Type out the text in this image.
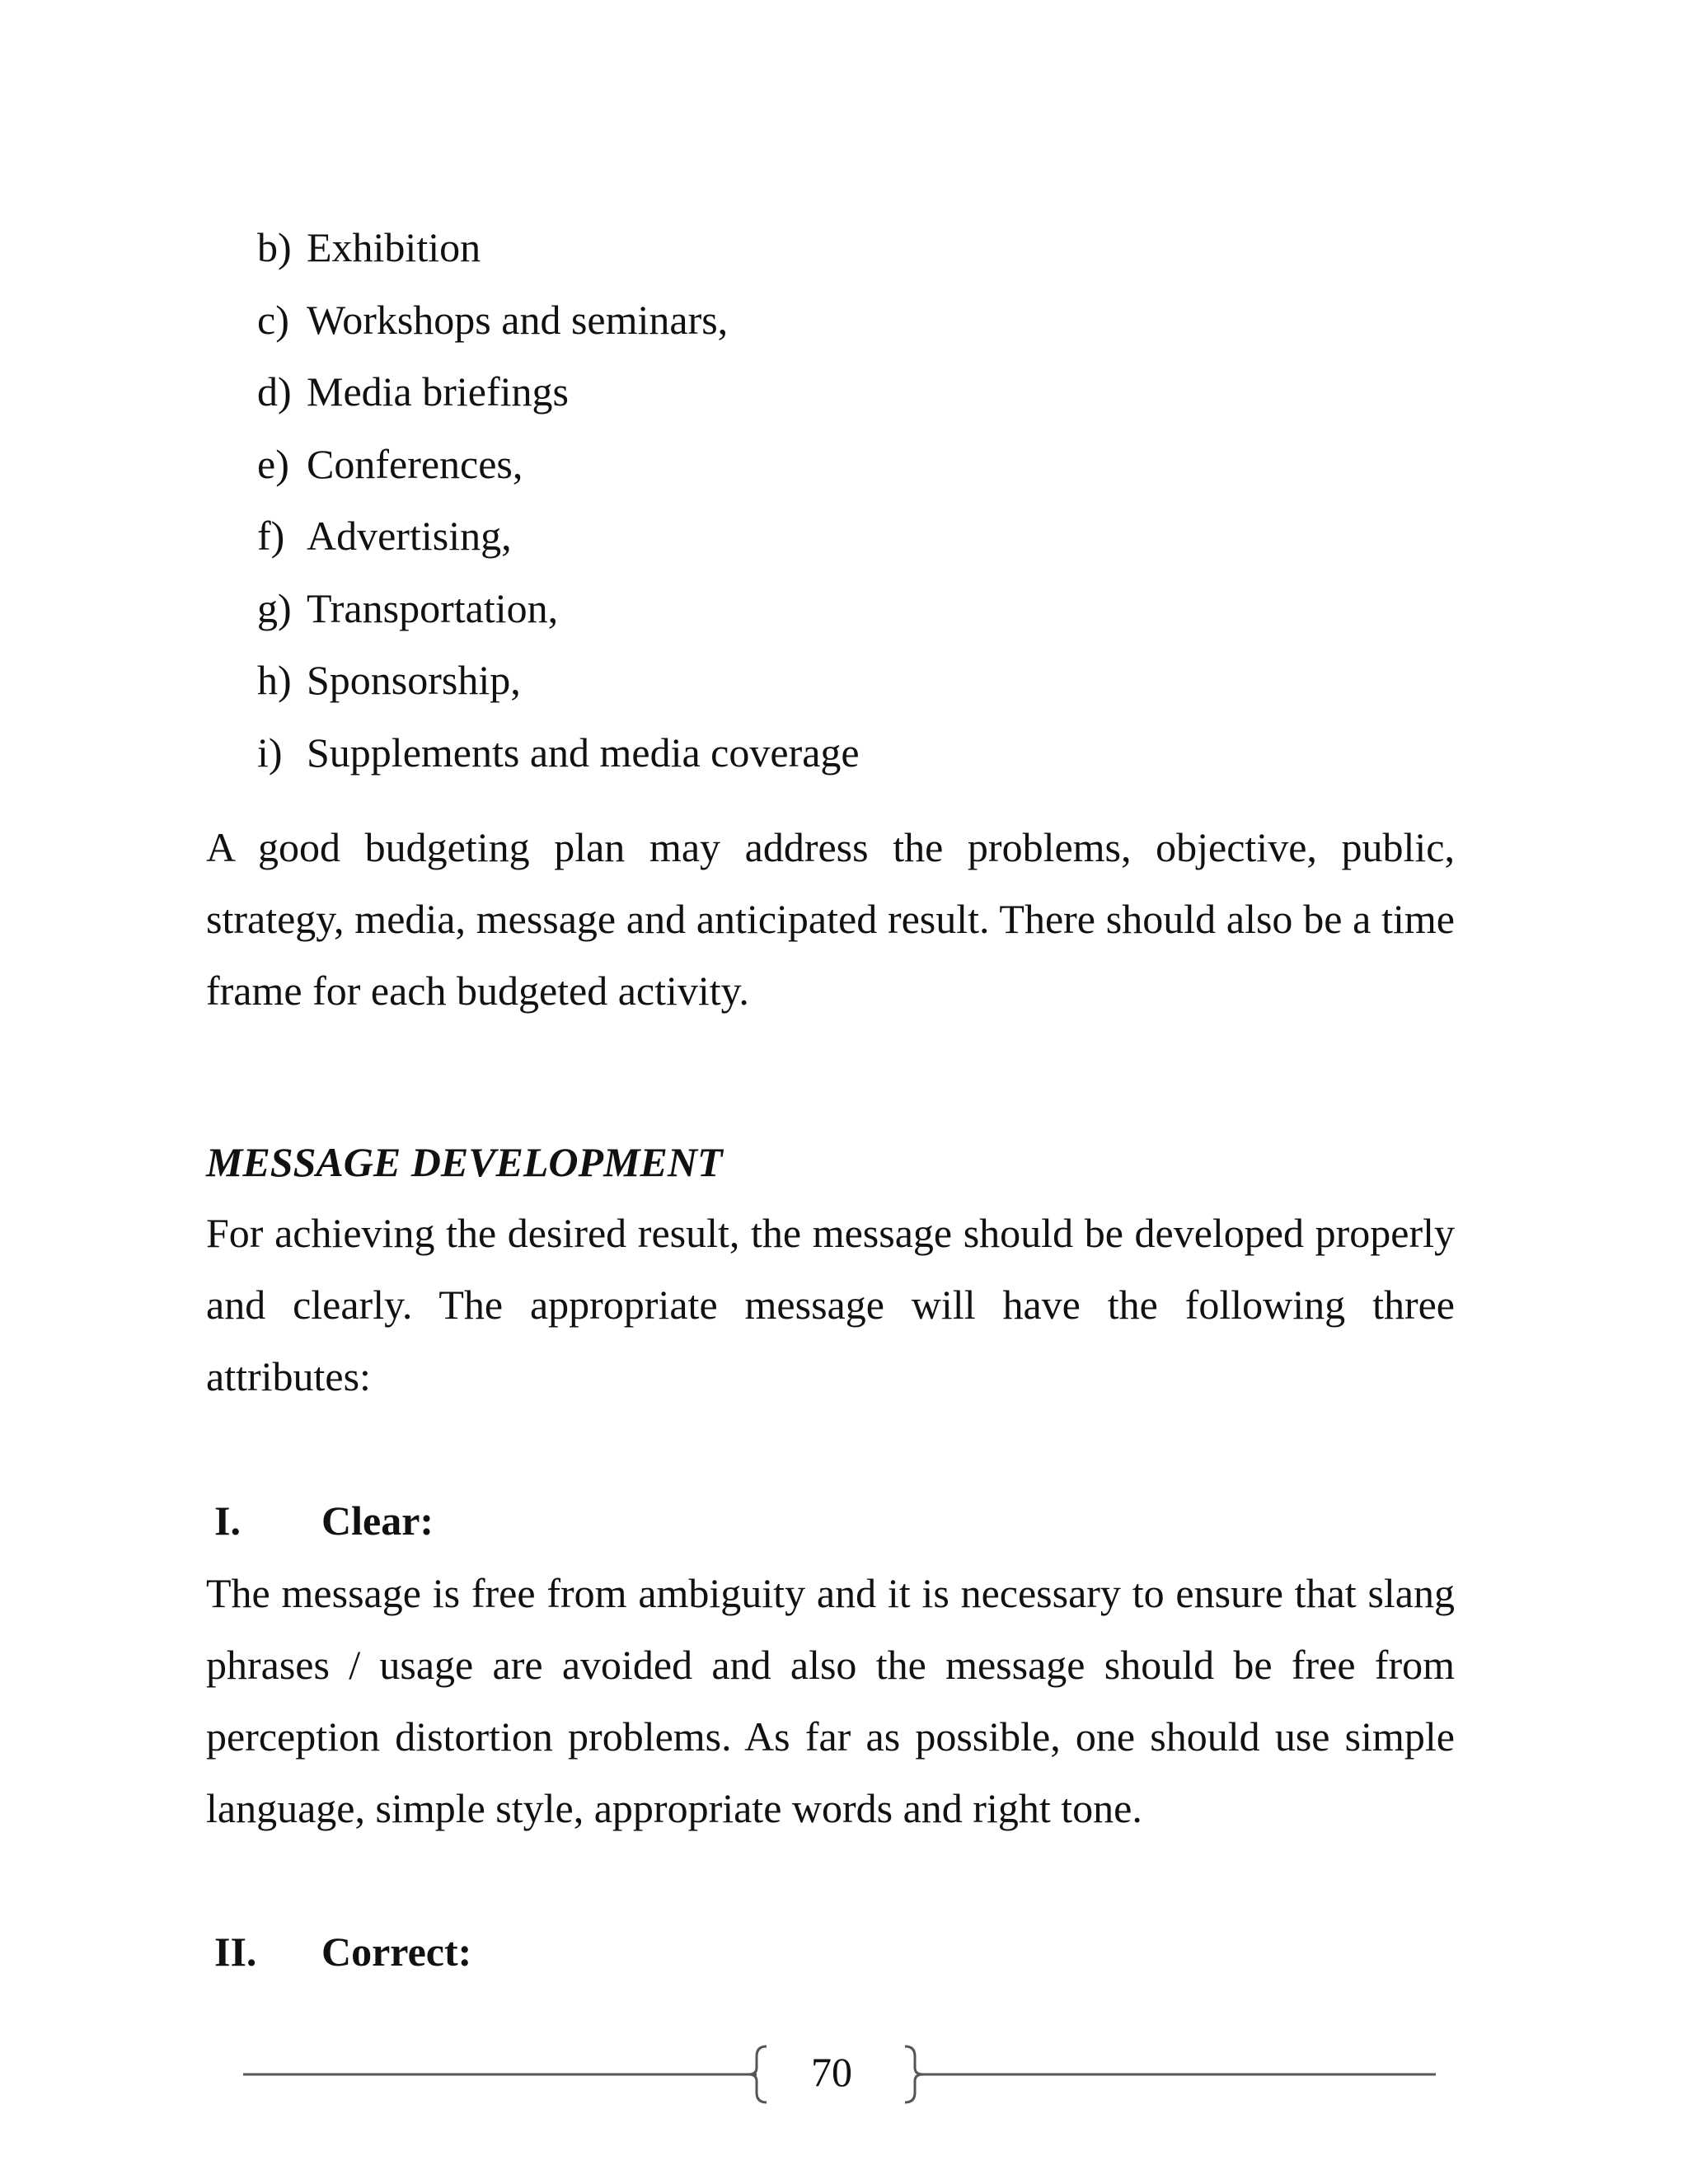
b) Exhibition
c) Workshops and seminars,
d) Media briefings
e) Conferences,
f) Advertising,
g) Transportation,
h) Sponsorship,
i) Supplements and media coverage

A good budgeting plan may address the problems, objective, public, strategy, media, message and anticipated result. There should also be a time frame for each budgeted activity.

MESSAGE DEVELOPMENT

For achieving the desired result, the message should be developed properly and clearly. The appropriate message will have the following three attributes:

I. Clear:

The message is free from ambiguity and it is necessary to ensure that slang phrases / usage are avoided and also the message should be free from perception distortion problems. As far as possible, one should use simple language, simple style, appropriate words and right tone.

II. Correct:
70
